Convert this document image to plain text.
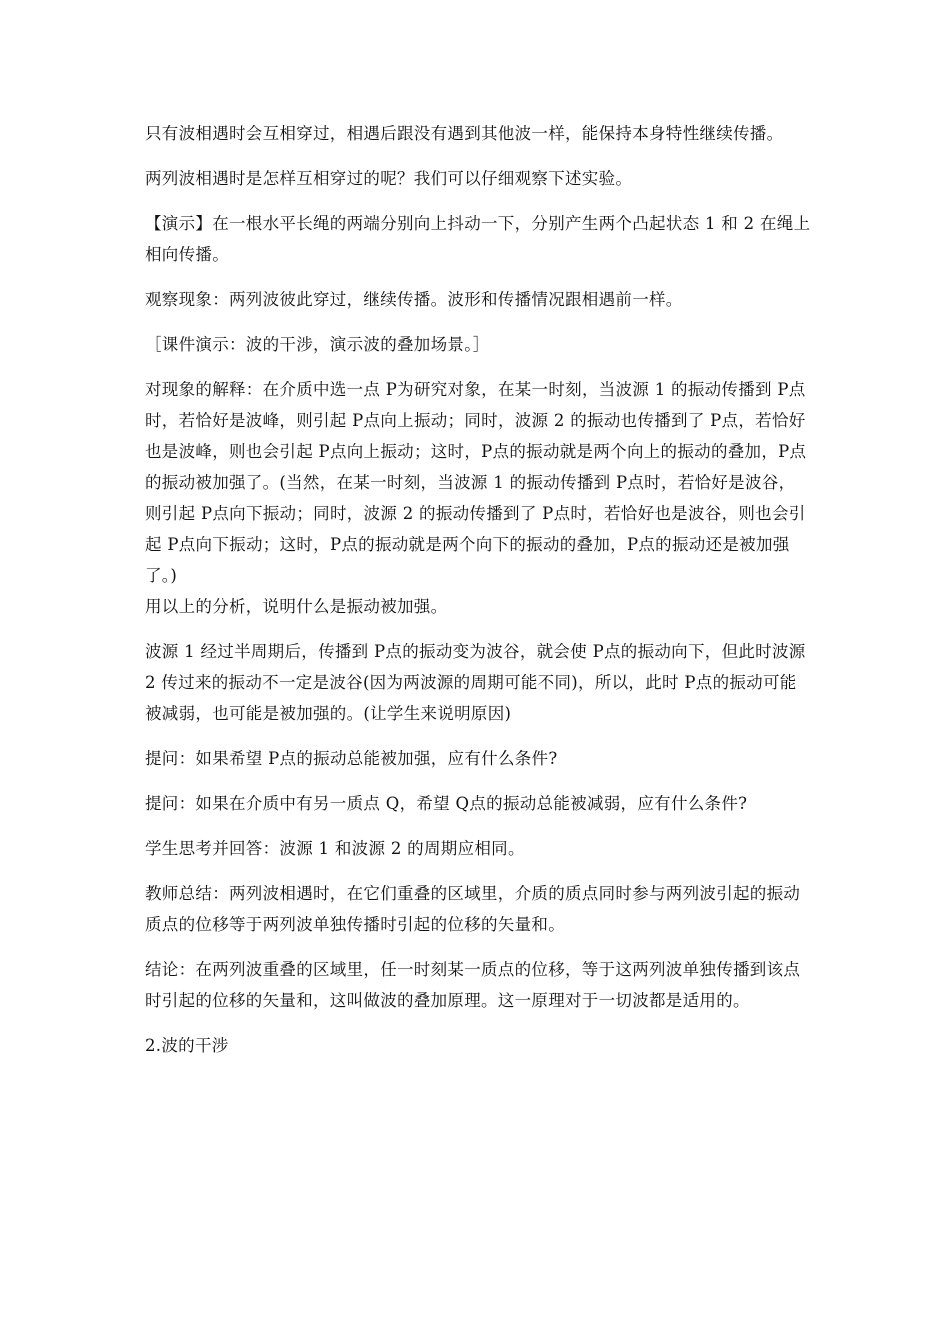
只有波相遇时会互相穿过，相遇后跟没有遇到其他波一样，能保持本身特性继续传播。

两列波相遇时是怎样互相穿过的呢？我们可以仔细观察下述实验。

【演示】在一根水平长绳的两端分别向上抖动一下，分别产生两个凸起状态 1 和 2 在绳上相向传播。

观察现象：两列波彼此穿过，继续传播。波形和传播情况跟相遇前一样。

［课件演示：波的干涉，演示波的叠加场景。］

对现象的解释：在介质中选一点 P为研究对象，在某一时刻，当波源 1 的振动传播到 P点时，若恰好是波峰，则引起 P点向上振动；同时，波源 2 的振动也传播到了 P点，若恰好也是波峰，则也会引起 P点向上振动；这时，P点的振动就是两个向上的振动的叠加，P点的振动被加强了。(当然，在某一时刻，当波源 1 的振动传播到 P点时，若恰好是波谷，则引起 P点向下振动；同时，波源 2 的振动传播到了 P点时，若恰好也是波谷，则也会引起 P点向下振动；这时，P点的振动就是两个向下的振动的叠加，P点的振动还是被加强了。)

用以上的分析，说明什么是振动被加强。

波源 1 经过半周期后，传播到 P点的振动变为波谷，就会使 P点的振动向下，但此时波源 2 传过来的振动不一定是波谷(因为两波源的周期可能不同)，所以，此时 P点的振动可能被减弱，也可能是被加强的。(让学生来说明原因)

提问：如果希望 P点的振动总能被加强，应有什么条件?

提问：如果在介质中有另一质点 Q，希望 Q点的振动总能被减弱，应有什么条件?

学生思考并回答：波源 1 和波源 2 的周期应相同。

教师总结：两列波相遇时，在它们重叠的区域里，介质的质点同时参与两列波引起的振动质点的位移等于两列波单独传播时引起的位移的矢量和。

结论：在两列波重叠的区域里，任一时刻某一质点的位移，等于这两列波单独传播到该点时引起的位移的矢量和，这叫做波的叠加原理。这一原理对于一切波都是适用的。

2.波的干涉
